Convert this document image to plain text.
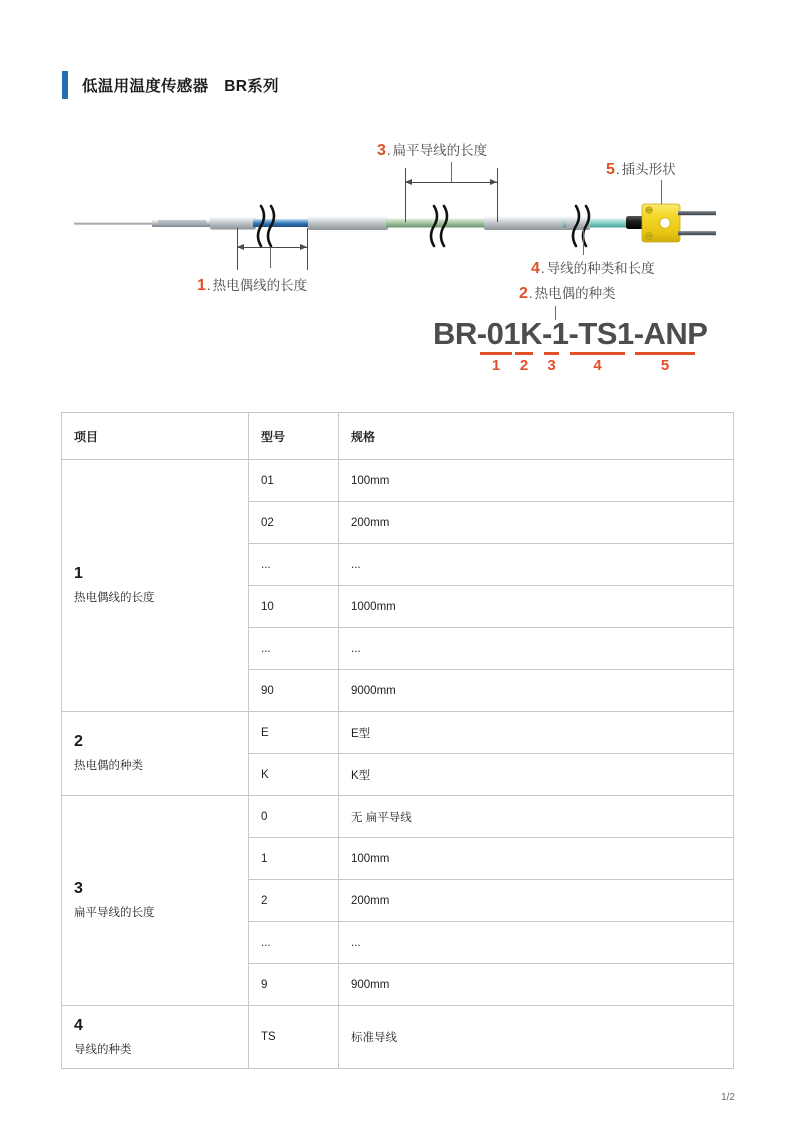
低温用温度传感器　BR系列
3. 扁平导线的长度
5. 插头形状
1. 热电偶线的长度
4. 导线的种类和长度
2. 热电偶的种类
BR-01K-1-TS1-ANP
1	2	3	4	5
项目	型号	规格

1
热电偶线的长度	01	100mm
	02	200mm
	...	...
	10	1000mm
	...	...
	90	9000mm

2
热电偶的种类	E	E型
	K	K型

3
扁平导线的长度	0	无 扁平导线
	1	100mm
	2	200mm
	...	...
	9	900mm

4
导线的种类	TS	标准导线
1/2
